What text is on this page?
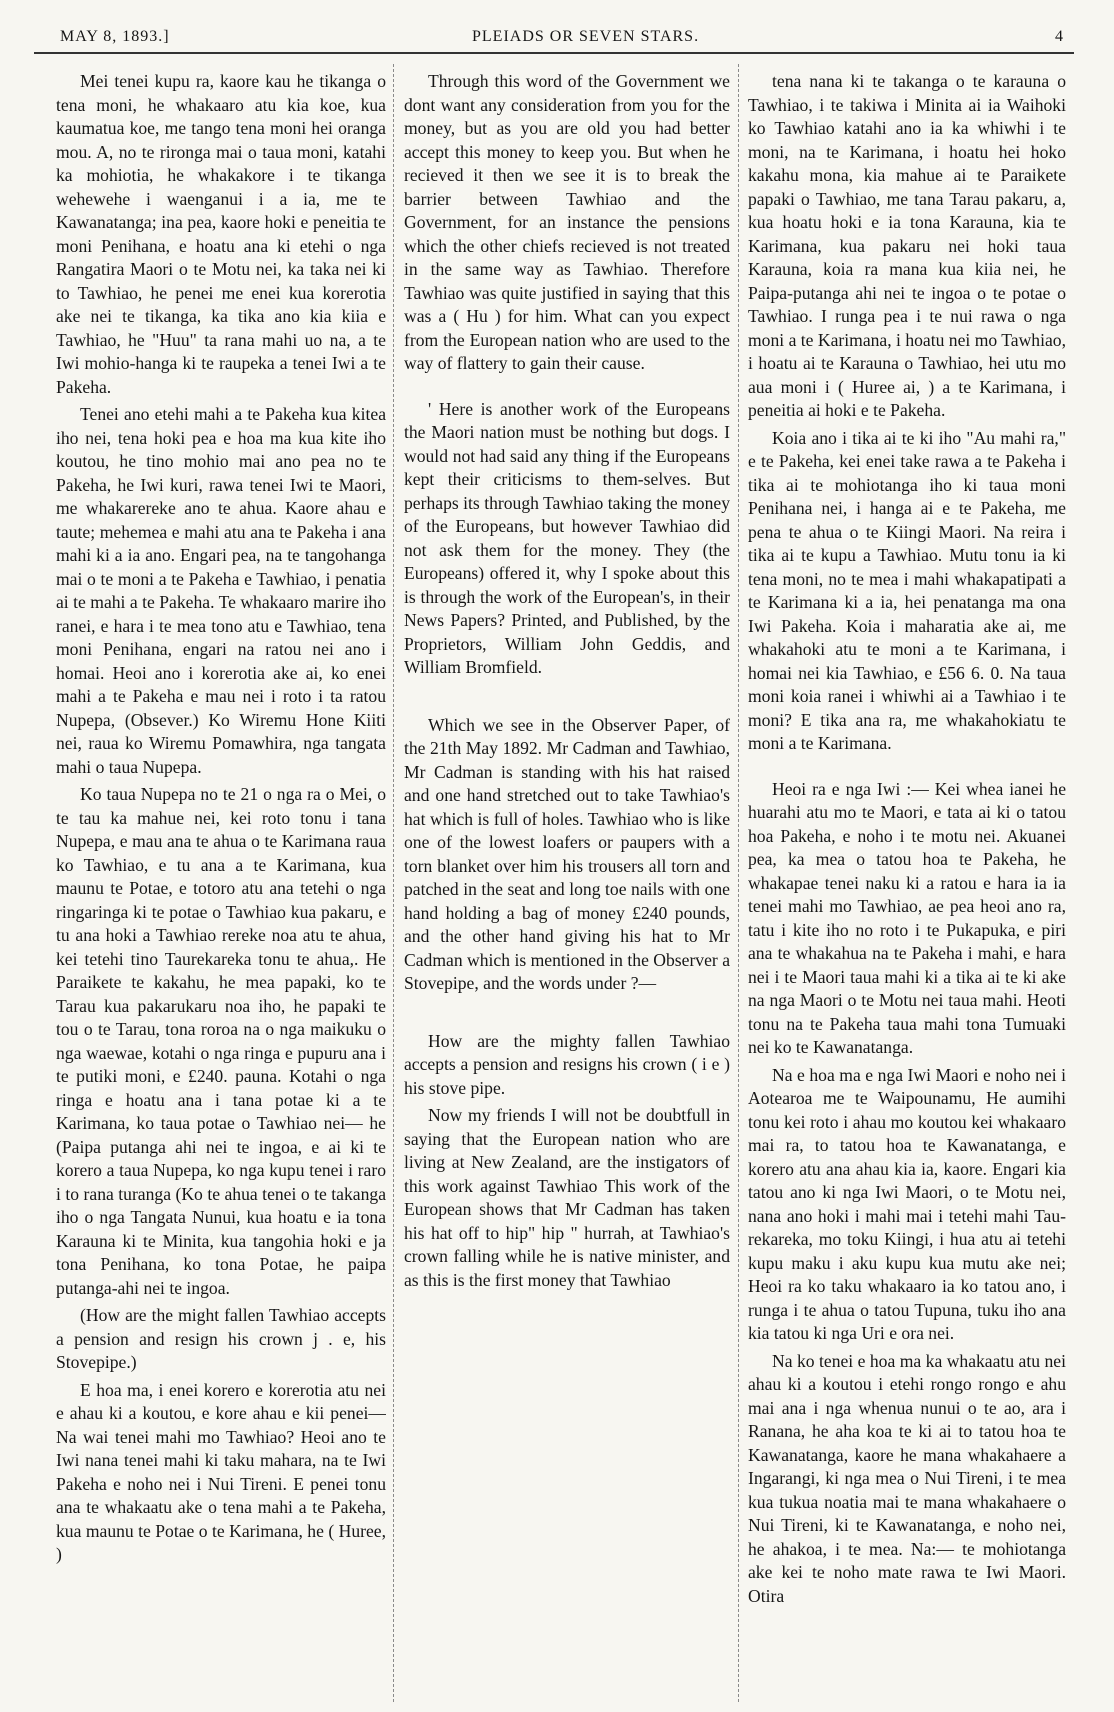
MAY 8, 1893.]	PLEIADS OR SEVEN STARS.	4

Mei tenei kupu ra, kaore kau he tikanga o tena moni, he whakaaro atu kia koe, kua kaumatua koe, me tango tena moni hei oranga mou. A, no te rironga mai o taua moni, katahi ka mohiotia, he whakakore i te tikanga wehewehe i waenganui i a ia, me te Kawanatanga; ina pea, kaore hoki e peneitia te moni Penihana, e hoatu ana ki etehi o nga Rangatira Maori o te Motu nei, ka taka nei ki to Tawhiao, he penei me enei kua korerotia ake nei te tikanga, ka tika ano kia kiia e Tawhiao, he "Huu" ta rana mahi uo na, a te Iwi mohio-hanga ki te raupeka a tenei Iwi a te Pakeha.

Tenei ano etehi mahi a te Pakeha kua kitea iho nei, tena hoki pea e hoa ma kua kite iho koutou, he tino mohio mai ano pea no te Pakeha, he Iwi kuri, rawa tenei Iwi te Maori, me whakarereke ano te ahua. Kaore ahau e taute; mehemea e mahi atu ana te Pakeha i ana mahi ki a ia ano. Engari pea, na te tangohanga mai o te moni a te Pakeha e Tawhiao, i penatia ai te mahi a te Pakeha. Te whakaaro marire iho ranei, e hara i te mea tono atu e Tawhiao, tena moni Penihana, engari na ratou nei ano i homai. Heoi ano i korerotia ake ai, ko enei mahi a te Pakeha e mau nei i roto i ta ratou Nupepa, (Obsever.) Ko Wiremu Hone Kiiti nei, raua ko Wiremu Pomawhira, nga tangata mahi o taua Nupepa.

Ko taua Nupepa no te 21 o nga ra o Mei, o te tau ka mahue nei, kei roto tonu i tana Nupepa, e mau ana te ahua o te Karimana raua ko Tawhiao, e tu ana a te Karimana, kua maunu te Potae, e totoro atu ana tetehi o nga ringaringa ki te potae o Tawhiao kua pakaru, e tu ana hoki a Tawhiao rereke noa atu te ahua, kei tetehi tino Taurekareka tonu te ahua,. He Paraikete te kakahu, he mea papaki, ko te Tarau kua pakarukaru noa iho, he papaki te tou o te Tarau, tona roroa na o nga maikuku o nga waewae, kotahi o nga ringa e pupuru ana i te putiki moni, e £240. pauna. Kotahi o nga ringa e hoatu ana i tana potae ki a te Karimana, ko taua potae o Tawhiao nei— he (Paipa putanga ahi nei te ingoa, e ai ki te korero a taua Nupepa, ko nga kupu tenei i raro i to rana turanga (Ko te ahua tenei o te takanga iho o nga Tangata Nunui, kua hoatu e ia tona Karauna ki te Minita, kua tangohia hoki e ja tona Penihana, ko tona Potae, he paipa putanga-ahi nei te ingoa.

(How are the might fallen Tawhiao accepts a pension and resign his crown j . e, his Stovepipe.)

E hoa ma, i enei korero e korerotia atu nei e ahau ki a koutou, e kore ahau e kii penei— Na wai tenei mahi mo Tawhiao? Heoi ano te Iwi nana tenei mahi ki taku mahara, na te Iwi Pakeha e noho nei i Nui Tireni. E penei tonu ana te whakaatu ake o tena mahi a te Pakeha, kua maunu te Potae o te Karimana, he ( Huree, )

Through this word of the Government we dont want any consideration from you for the money, but as you are old you had better accept this money to keep you. But when he recieved it then we see it is to break the barrier between Tawhiao and the Government, for an instance the pensions which the other chiefs recieved is not treated in the same way as Tawhiao. Therefore Tawhiao was quite justified in saying that this was a ( Hu ) for him. What can you expect from the European nation who are used to the way of flattery to gain their cause.

' Here is another work of the Europeans the Maori nation must be nothing but dogs. I would not had said any thing if the Europeans kept their criticisms to them-selves. But perhaps its through Tawhiao taking the money of the Europeans, but however Tawhiao did not ask them for the money. They (the Europeans) offered it, why I spoke about this is through the work of the European's, in their News Papers? Printed, and Published, by the Proprietors, William John Geddis, and William Bromfield.

Which we see in the Observer Paper, of the 21th May 1892. Mr Cadman and Tawhiao, Mr Cadman is standing with his hat raised and one hand stretched out to take Tawhiao's hat which is full of holes. Tawhiao who is like one of the lowest loafers or paupers with a torn blanket over him his trousers all torn and patched in the seat and long toe nails with one hand holding a bag of money £240 pounds, and the other hand giving his hat to Mr Cadman which is mentioned in the Observer a Stovepipe, and the words under ?—

How are the mighty fallen Tawhiao accepts a pension and resigns his crown ( i e ) his stove pipe.

Now my friends I will not be doubtfull in saying that the European nation who are living at New Zealand, are the instigators of this work against Tawhiao This work of the European shows that Mr Cadman has taken his hat off to hip" hip " hurrah, at Tawhiao's crown falling while he is native minister, and as this is the first money that Tawhiao

tena nana ki te takanga o te karauna o Tawhiao, i te takiwa i Minita ai ia Waihoki ko Tawhiao katahi ano ia ka whiwhi i te moni, na te Karimana, i hoatu hei hoko kakahu mona, kia mahue ai te Paraikete papaki o Tawhiao, me tana Tarau pakaru, a, kua hoatu hoki e ia tona Karauna, kia te Karimana, kua pakaru nei hoki taua Karauna, koia ra mana kua kiia nei, he Paipa-putanga ahi nei te ingoa o te potae o Tawhiao. I runga pea i te nui rawa o nga moni a te Karimana, i hoatu nei mo Tawhiao, i hoatu ai te Karauna o Tawhiao, hei utu mo aua moni i ( Huree ai, ) a te Karimana, i peneitia ai hoki e te Pakeha.

Koia ano i tika ai te ki iho "Au mahi ra," e te Pakeha, kei enei take rawa a te Pakeha i tika ai te mohiotanga iho ki taua moni Penihana nei, i hanga ai e te Pakeha, me pena te ahua o te Kiingi Maori. Na reira i tika ai te kupu a Tawhiao. Mutu tonu ia ki tena moni, no te mea i mahi whakapatipati a te Karimana ki a ia, hei penatanga ma ona Iwi Pakeha. Koia i maharatia ake ai, me whakahoki atu te moni a te Karimana, i homai nei kia Tawhiao, e £56 6. 0. Na taua moni koia ranei i whiwhi ai a Tawhiao i te moni? E tika ana ra, me whakahokiatu te moni a te Karimana.

Heoi ra e nga Iwi :— Kei whea ianei he huarahi atu mo te Maori, e tata ai ki o tatou hoa Pakeha, e noho i te motu nei. Akuanei pea, ka mea o tatou hoa te Pakeha, he whakapae tenei naku ki a ratou e hara ia ia tenei mahi mo Tawhiao, ae pea heoi ano ra, tatu i kite iho no roto i te Pukapuka, e piri ana te whakahua na te Pakeha i mahi, e hara nei i te Maori taua mahi ki a tika ai te ki ake na nga Maori o te Motu nei taua mahi. Heoti tonu na te Pakeha taua mahi tona Tumuaki nei ko te Kawanatanga.

Na e hoa ma e nga Iwi Maori e noho nei i Aotearoa me te Waipounamu, He aumihi tonu kei roto i ahau mo koutou kei whakaaro mai ra, to tatou hoa te Kawanatanga, e korero atu ana ahau kia ia, kaore. Engari kia tatou ano ki nga Iwi Maori, o te Motu nei, nana ano hoki i mahi mai i tetehi mahi Tau-rekareka, mo toku Kiingi, i hua atu ai tetehi kupu maku i aku kupu kua mutu ake nei; Heoi ra ko taku whakaaro ia ko tatou ano, i runga i te ahua o tatou Tupuna, tuku iho ana kia tatou ki nga Uri e ora nei.

Na ko tenei e hoa ma ka whakaatu atu nei ahau ki a koutou i etehi rongo rongo e ahu mai ana i nga whenua nunui o te ao, ara i Ranana, he aha koa te ki ai to tatou hoa te Kawanatanga, kaore he mana whakahaere a Ingarangi, ki nga mea o Nui Tireni, i te mea kua tukua noatia mai te mana whakahaere o Nui Tireni, ki te Kawanatanga, e noho nei, he ahakoa, i te mea. Na:— te mohiotanga ake kei te noho mate rawa te Iwi Maori. Otira
